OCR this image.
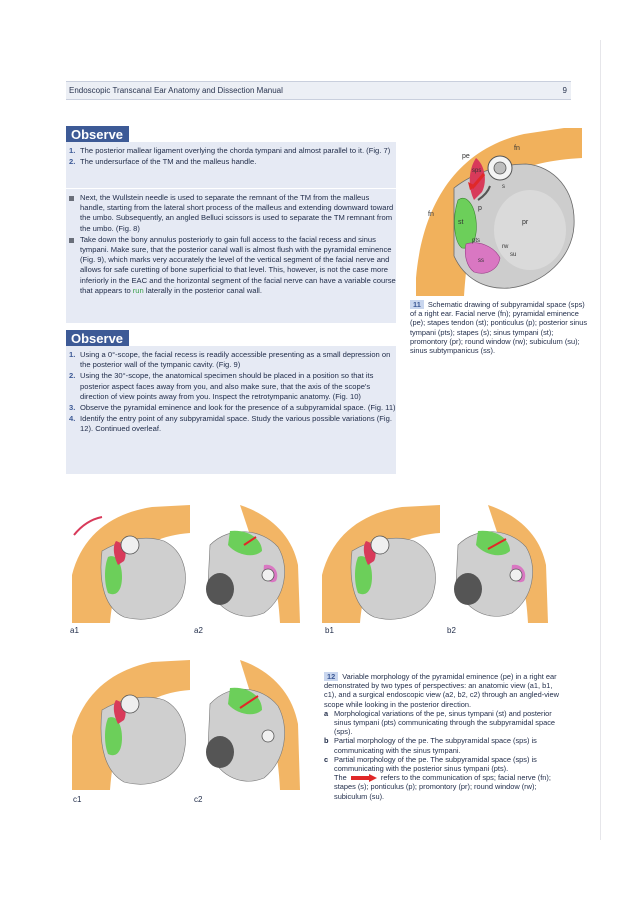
Endoscopic Transcanal Ear Anatomy and Dissection Manual	9
Observe
1. The posterior mallear ligament overlying the chorda tympani and almost parallel to it. (Fig. 7)
2. The undersurface of the TM and the malleus handle.
Next, the Wullstein needle is used to separate the remnant of the TM from the malleus handle, starting from the lateral short process of the malleus and extending downward toward the umbo. Subsequently, an angled Belluci scissors is used to separate the TM remnant from the umbo. (Fig. 8)
Take down the bony annulus posteriorly to gain full access to the facial recess and sinus tympani. Make sure, that the posterior canal wall is almost flush with the pyramidal eminence (Fig. 9), which marks very accurately the level of the vertical segment of the facial nerve and allows for safe curetting of bone superficial to that level. This, however, is not the case more inferiorly in the EAC and the horizontal segment of the facial nerve can have a variable course that appears to run laterally in the posterior canal wall.
Observe
1. Using a 0°-scope, the facial recess is readily accessible presenting as a small depression on the posterior wall of the tympanic cavity. (Fig. 9)
2. Using the 30°-scope, the anatomical specimen should be placed in a position so that its posterior aspect faces away from you, and also make sure, that the axis of the scope's direction of view points away from you. Inspect the retrotympanic anatomy. (Fig. 10)
3. Observe the pyramidal eminence and look for the presence of a subpyramidal space. (Fig. 11)
4. Identify the entry point of any subpyramidal space. Study the various possible variations (Fig. 12). Continued overleaf.
pe
fn
sps
fn
st	pr
p
pts
ss
rw
su
s
11 Schematic drawing of subpyramidal space (sps) of a right ear. Facial nerve (fn); pyramidal eminence (pe); stapes tendon (st); ponticulus (p); posterior sinus tympani (pts); stapes (s); sinus tympani (st); promontory (pr); round window (rw); subiculum (su); sinus subtympanicus (ss).
a1	a2	b1	b2
c1	c2
12 Variable morphology of the pyramidal eminence (pe) in a right ear demonstrated by two types of perspectives: an anatomic view (a1, b1, c1), and a surgical endoscopic view (a2, b2, c2) through an angled-view scope while looking in the posterior direction.
a Morphological variations of the pe, sinus tympani (st) and posterior sinus tympani (pts) communicating through the subpyramidal space (sps).
b Partial morphology of the pe. The subpyramidal space (sps) is communicating with the sinus tympani.
c Partial morphology of the pe. The subpyramidal space (sps) is communicating with the posterior sinus tympani (pts).
The	refers to the communication of sps; facial nerve (fn); stapes (s); ponticulus (p); promontory (pr); round window (rw); subiculum (su).
